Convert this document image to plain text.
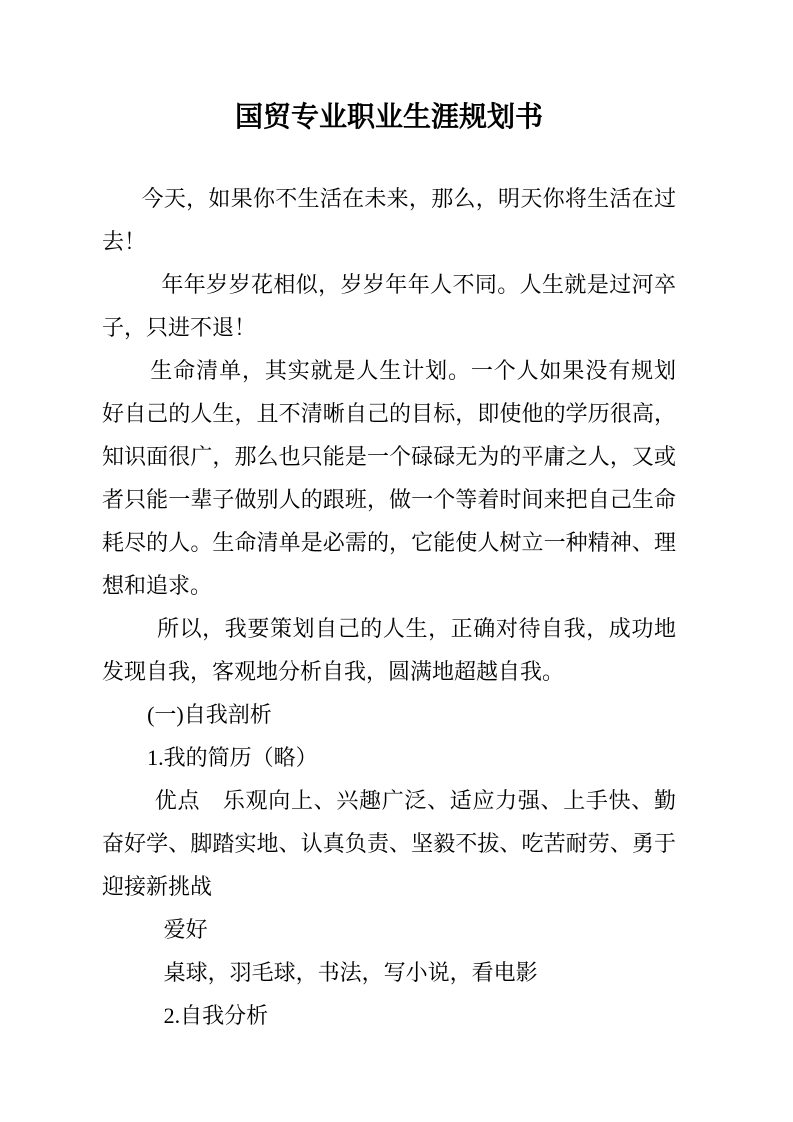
国贸专业职业生涯规划书

今天，如果你不生活在未来，那么，明天你将生活在过去！

年年岁岁花相似，岁岁年年人不同。人生就是过河卒子，只进不退！

生命清单，其实就是人生计划。一个人如果没有规划好自己的人生，且不清晰自己的目标，即使他的学历很高，知识面很广，那么也只能是一个碌碌无为的平庸之人，又或者只能一辈子做别人的跟班，做一个等着时间来把自己生命耗尽的人。生命清单是必需的，它能使人树立一种精神、理想和追求。

所以，我要策划自己的人生，正确对待自我，成功地发现自我，客观地分析自我，圆满地超越自我。

(一)自我剖析

1.我的简历（略）

优点　乐观向上、兴趣广泛、适应力强、上手快、勤奋好学、脚踏实地、认真负责、坚毅不拔、吃苦耐劳、勇于迎接新挑战

爱好

桌球，羽毛球，书法，写小说，看电影

2.自我分析
